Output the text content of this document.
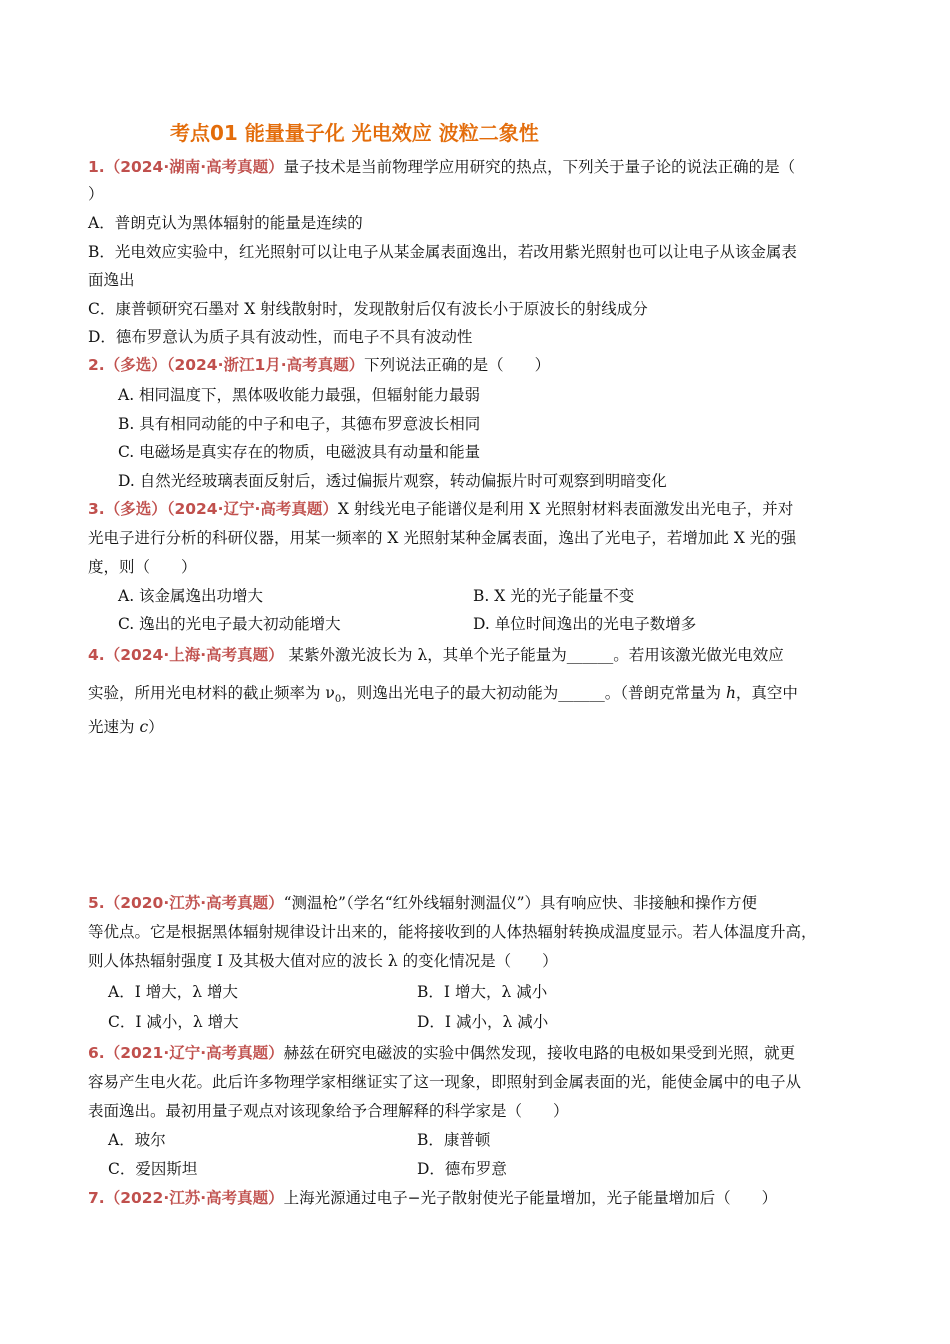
考点01 能量量子化 光电效应 波粒二象性
1.（2024·湖南·高考真题）量子技术是当前物理学应用研究的热点，下列关于量子论的说法正确的是（
）
A．普朗克认为黑体辐射的能量是连续的
B．光电效应实验中，红光照射可以让电子从某金属表面逸出，若改用紫光照射也可以让电子从该金属表
面逸出
C．康普顿研究石墨对 X 射线散射时，发现散射后仅有波长小于原波长的射线成分
D．德布罗意认为质子具有波动性，而电子不具有波动性
2.（多选）（2024·浙江1月·高考真题）下列说法正确的是（　　）
A. 相同温度下，黑体吸收能力最强，但辐射能力最弱
B. 具有相同动能的中子和电子，其德布罗意波长相同
C. 电磁场是真实存在的物质，电磁波具有动量和能量
D. 自然光经玻璃表面反射后，透过偏振片观察，转动偏振片时可观察到明暗变化
3.（多选）（2024·辽宁·高考真题）X 射线光电子能谱仪是利用 X 光照射材料表面激发出光电子，并对
光电子进行分析的科研仪器，用某一频率的 X 光照射某种金属表面，逸出了光电子，若增加此 X 光的强
度，则（　　）
A. 该金属逸出功增大	B. X 光的光子能量不变
C. 逸出的光电子最大初动能增大	D. 单位时间逸出的光电子数增多
4.（2024·上海·高考真题） 某紫外激光波长为 λ，其单个光子能量为______。若用该激光做光电效应
实验，所用光电材料的截止频率为 $\nu_0$，则逸出光电子的最大初动能为______。（普朗克常量为 h，真空中
光速为 c）
5.（2020·江苏·高考真题）“测温枪”（学名“红外线辐射测温仪”）具有响应快、非接触和操作方便
等优点。它是根据黑体辐射规律设计出来的，能将接收到的人体热辐射转换成温度显示。若人体温度升高，
则人体热辐射强度 I 及其极大值对应的波长 λ 的变化情况是（　　）
A．I 增大，λ 增大	B．I 增大，λ 减小
C．I 减小，λ 增大	D．I 减小，λ 减小
6.（2021·辽宁·高考真题）赫兹在研究电磁波的实验中偶然发现，接收电路的电极如果受到光照，就更
容易产生电火花。此后许多物理学家相继证实了这一现象，即照射到金属表面的光，能使金属中的电子从
表面逸出。最初用量子观点对该现象给予合理解释的科学家是（　　）
A．玻尔	B．康普顿
C．爱因斯坦	D．德布罗意
7.（2022·江苏·高考真题）上海光源通过电子−光子散射使光子能量增加，光子能量增加后（　　）
